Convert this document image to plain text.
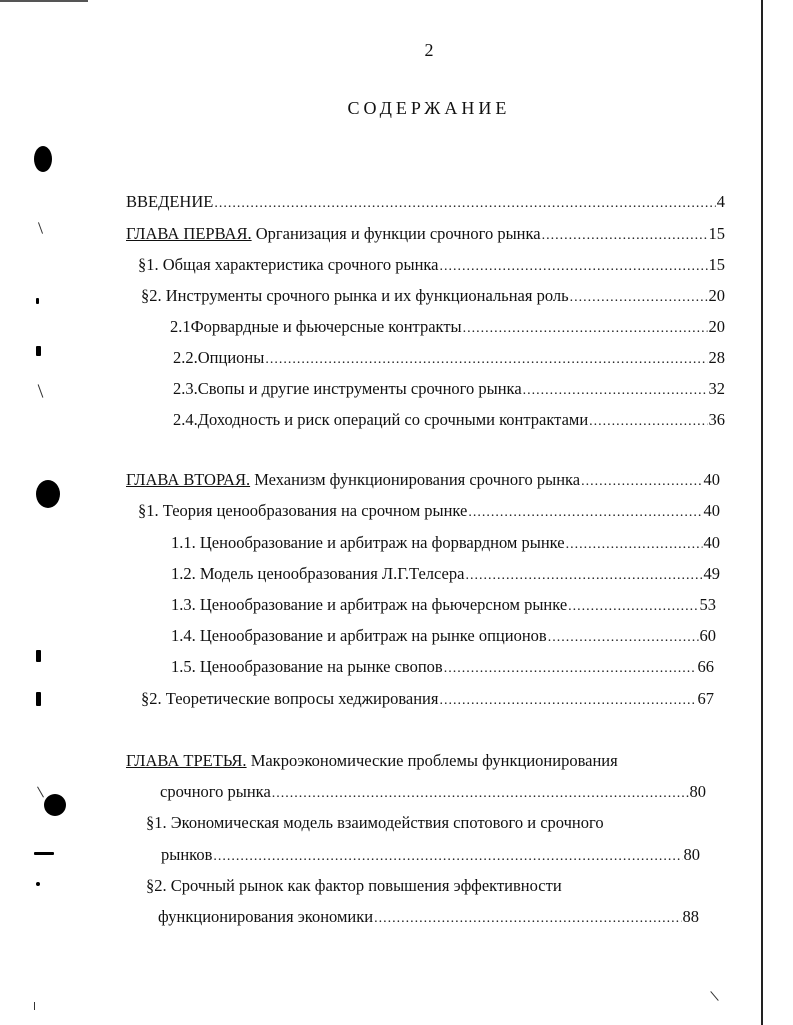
2
СОДЕРЖАНИЕ
ВВЕДЕНИЕ .....	4
ГЛАВА ПЕРВАЯ. Организация и функции срочного рынка .....	15
§1. Общая характеристика срочного рынка .....	15
§2. Инструменты срочного рынка и их функциональная роль .....	20
2.1Форвардные и фьючерсные контракты .....	20
2.2.Опционы .....	28
2.3.Свопы и другие инструменты срочного рынка .....	32
2.4.Доходность и риск операций со срочными контрактами .....	36
ГЛАВА ВТОРАЯ. Механизм функционирования срочного рынка .....	40
§1. Теория ценообразования на срочном рынке .....	40
1.1. Ценообразование и арбитраж на форвардном рынке .....	40
1.2. Модель ценообразования Л.Г.Телсера .....	49
1.3. Ценообразование и арбитраж на фьючерсном рынке .....	53
1.4. Ценообразование и арбитраж на рынке опционов .....	60
1.5. Ценообразование на рынке свопов .....	66
§2. Теоретические вопросы хеджирования .....	67
ГЛАВА ТРЕТЬЯ. Макроэкономические проблемы функционирования
срочного рынка .....	80
§1. Экономическая модель взаимодействия спотового и срочного
рынков .....	80
§2. Срочный рынок как фактор повышения эффективности
функционирования экономики .....	88
